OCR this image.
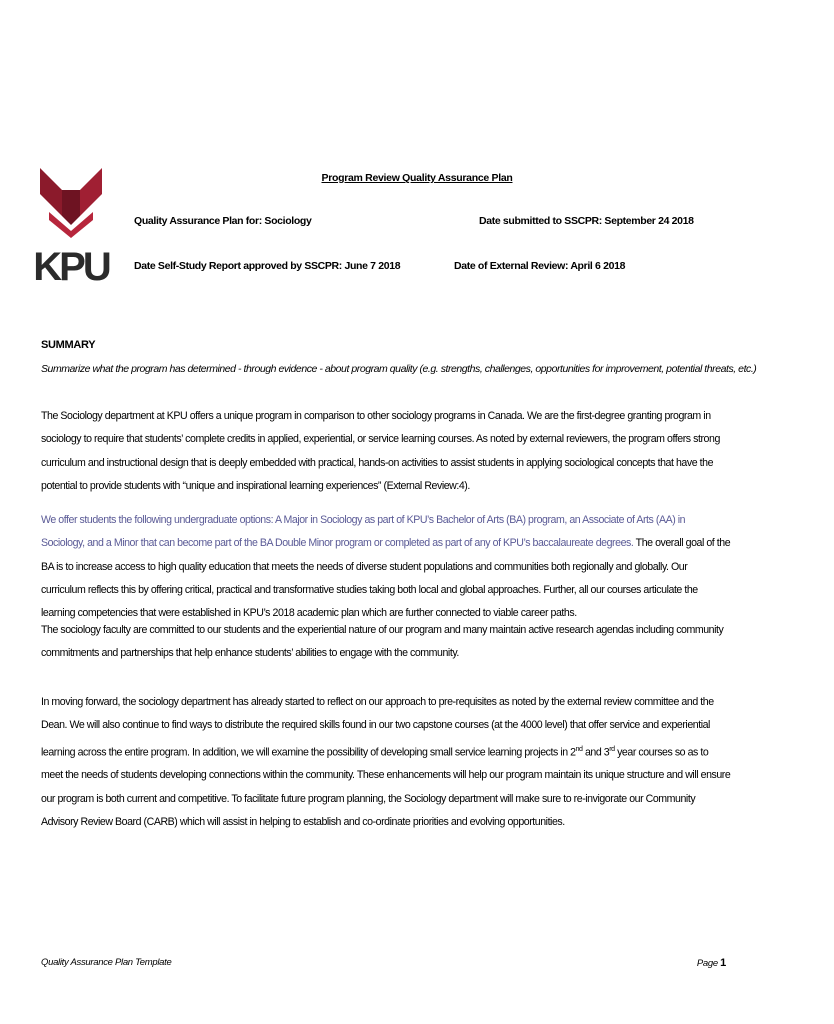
KPU
Program Review Quality Assurance Plan
Quality Assurance Plan for: Sociology	Date submitted to SSCPR: September 24 2018
Date Self-Study Report approved by SSCPR: June 7 2018	Date of External Review: April 6 2018
SUMMARY
Summarize what the program has determined - through evidence - about program quality (e.g. strengths, challenges, opportunities for improvement, potential threats, etc.)
The Sociology department at KPU offers a unique program in comparison to other sociology programs in Canada. We are the first-degree granting program in sociology to require that students’ complete credits in applied, experiential, or service learning courses. As noted by external reviewers, the program offers strong curriculum and instructional design that is deeply embedded with practical, hands-on activities to assist students in applying sociological concepts that have the potential to provide students with “unique and inspirational learning experiences” (External Review:4).
We offer students the following undergraduate options: A Major in Sociology as part of KPU’s Bachelor of Arts (BA) program, an Associate of Arts (AA) in Sociology, and a Minor that can become part of the BA Double Minor program or completed as part of any of KPU’s baccalaureate degrees. The overall goal of the BA is to increase access to high quality education that meets the needs of diverse student populations and communities both regionally and globally. Our curriculum reflects this by offering critical, practical and transformative studies taking both local and global approaches. Further, all our courses articulate the learning competencies that were established in KPU’s 2018 academic plan which are further connected to viable career paths.
The sociology faculty are committed to our students and the experiential nature of our program and many maintain active research agendas including community commitments and partnerships that help enhance students’ abilities to engage with the community.
In moving forward, the sociology department has already started to reflect on our approach to pre-requisites as noted by the external review committee and the Dean. We will also continue to find ways to distribute the required skills found in our two capstone courses (at the 4000 level) that offer service and experiential learning across the entire program. In addition, we will examine the possibility of developing small service learning projects in 2nd and 3rd year courses so as to meet the needs of students developing connections within the community. These enhancements will help our program maintain its unique structure and will ensure our program is both current and competitive. To facilitate future program planning, the Sociology department will make sure to re-invigorate our Community Advisory Review Board (CARB) which will assist in helping to establish and co-ordinate priorities and evolving opportunities.
Quality Assurance Plan Template	Page 1
